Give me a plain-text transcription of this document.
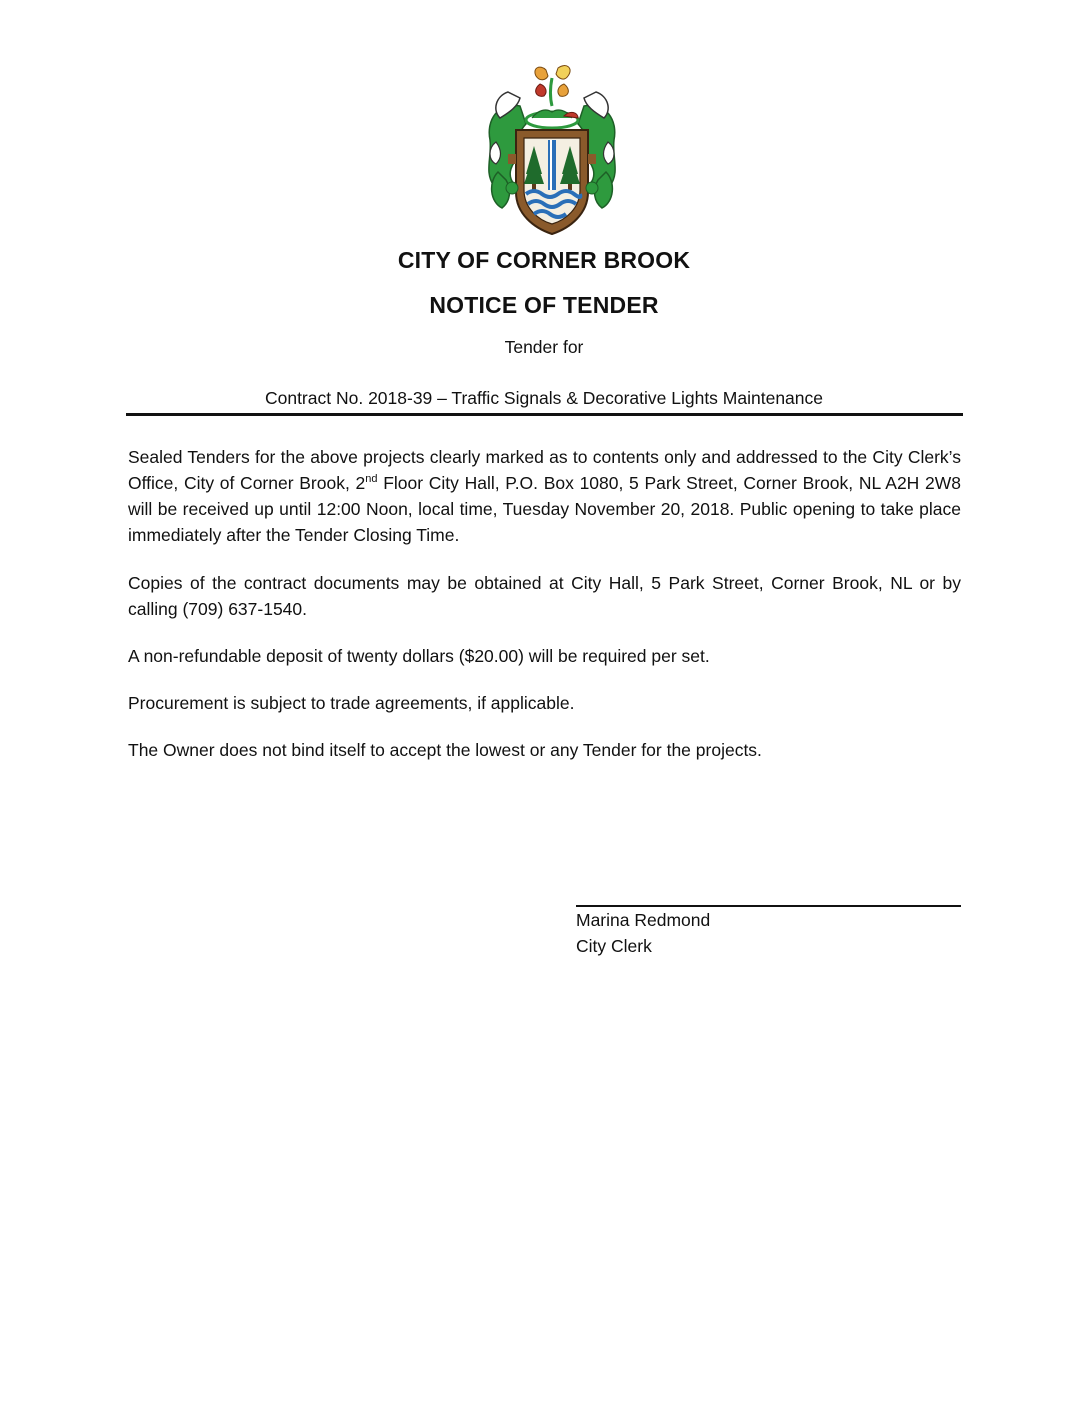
CITY OF CORNER BROOK
NOTICE OF TENDER
Tender for
Contract No. 2018-39 – Traffic Signals & Decorative Lights Maintenance

Sealed Tenders for the above projects clearly marked as to contents only and addressed to the City Clerk’s Office, City of Corner Brook, 2nd Floor City Hall, P.O. Box 1080, 5 Park Street, Corner Brook, NL A2H 2W8 will be received up until 12:00 Noon, local time, Tuesday November 20, 2018. Public opening to take place immediately after the Tender Closing Time.

Copies of the contract documents may be obtained at City Hall, 5 Park Street, Corner Brook, NL or by calling (709) 637-1540.

A non-refundable deposit of twenty dollars ($20.00) will be required per set.

Procurement is subject to trade agreements, if applicable.

The Owner does not bind itself to accept the lowest or any Tender for the projects.

Marina Redmond
City Clerk
